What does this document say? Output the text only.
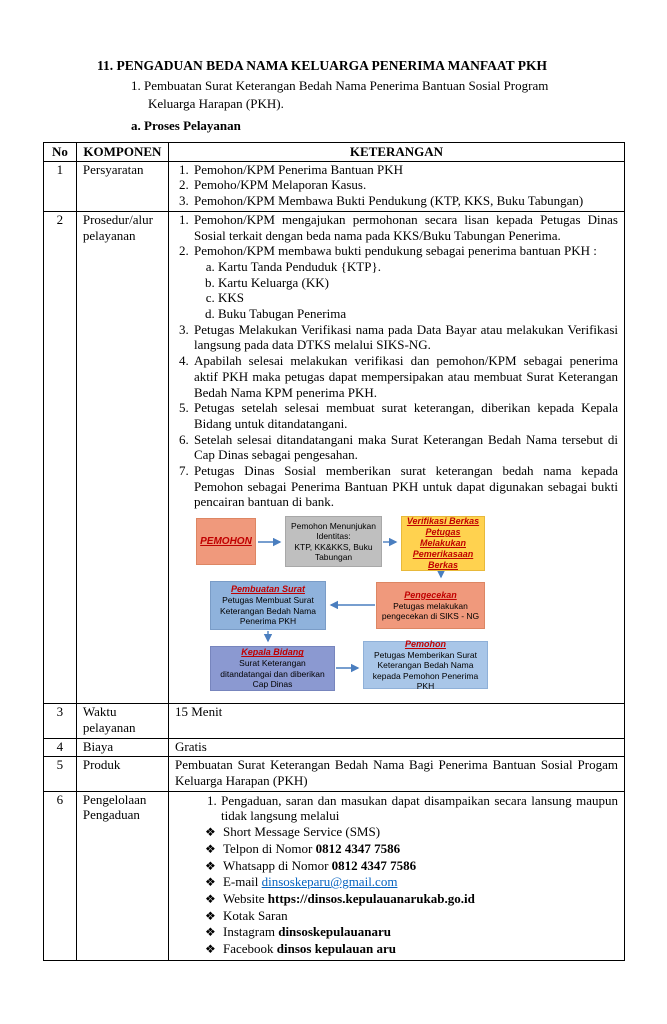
11. PENGADUAN BEDA NAMA KELUARGA PENERIMA MANFAAT PKH
1. Pembuatan Surat Keterangan Bedah Nama Penerima Bantuan Sosial Program
Keluarga Harapan (PKH).
a. Proses Pelayanan
No	KOMPONEN	KETERANGAN
1	Persyaratan	
1.Pemohon/KPM Penerima Bantuan PKH
2. Pemoho/KPM Melaporan Kasus.
3. Pemohon/KPM Membawa Bukti Pendukung (KTP, KKS, Buku Tabungan)

2	Prosedur/alur pelayanan	
1. Pemohon/KPM mengajukan permohonan secara lisan kepada Petugas Dinas Sosial terkait dengan beda nama pada KKS/Buku Tabungan Penerima.
2. Pemohon/KPM membawa bukti pendukung sebagai penerima bantuan PKH :
a. Kartu Tanda Penduduk {KTP}.
b. Kartu Keluarga (KK)
c. KKS
d. Buku Tabugan Penerima
3. Petugas Melakukan Verifikasi nama pada Data Bayar atau melakukan Verifikasi langsung pada data DTKS melalui SIKS-NG.
4. Apabilah selesai melakukan verifikasi dan pemohon/KPM sebagai penerima aktif PKH maka petugas dapat mempersipakan atau membuat Surat Keterangan Bedah Nama KPM penerima PKH.
5. Petugas setelah selesai membuat surat keterangan, diberikan kepada Kepala Bidang untuk ditandatangani.
6. Setelah selesai ditandatangani maka Surat Keterangan Bedah Nama tersebut di Cap Dinas sebagai pengesahan.
7. Petugas Dinas Sosial memberikan surat keterangan bedah nama kepada Pemohon sebagai Penerima Bantuan PKH untuk dapat digunakan sebagai bukti pencairan bantuan di bank.
PEMOHON
Pemohon Menunjukan Identitas:
KTP, KK&KKS, Buku Tabungan
Verifikasi Berkas Petugas Melakukan Pemerikasaan Berkas
Pembuatan Surat
Petugas Membuat Surat Keterangan Bedah Nama Penerima PKH
Pengecekan
Petugas melakukan pengecekan di SIKS - NG
Kepala Bidang
Surat Keterangan ditandatangai dan diberikan Cap Dinas
Pemohon
Petugas Memberikan Surat Keterangan Bedah Nama kepada Pemohon Penerima PKH

3	Waktu pelayanan	15 Menit
4	Biaya	Gratis
5	Produk	Pembuatan Surat Keterangan Bedah Nama Bagi Penerima Bantuan Sosial Progam Keluarga Harapan (PKH)
6	Pengelolaan Pengaduan	
1. Pengaduan, saran dan masukan dapat disampaikan secara lansung maupun tidak langsung melalui
❖ Short Message Service (SMS)
❖ Telpon di Nomor 0812 4347 7586
❖ Whatsapp di Nomor 0812 4347 7586
❖ E-mail dinsoskeparu@gmail.com
❖ Website https://dinsos.kepulauanarukab.go.id
❖ Kotak Saran
❖ Instagram dinsoskepulauanaru
❖ Facebook dinsos kepulauan aru
